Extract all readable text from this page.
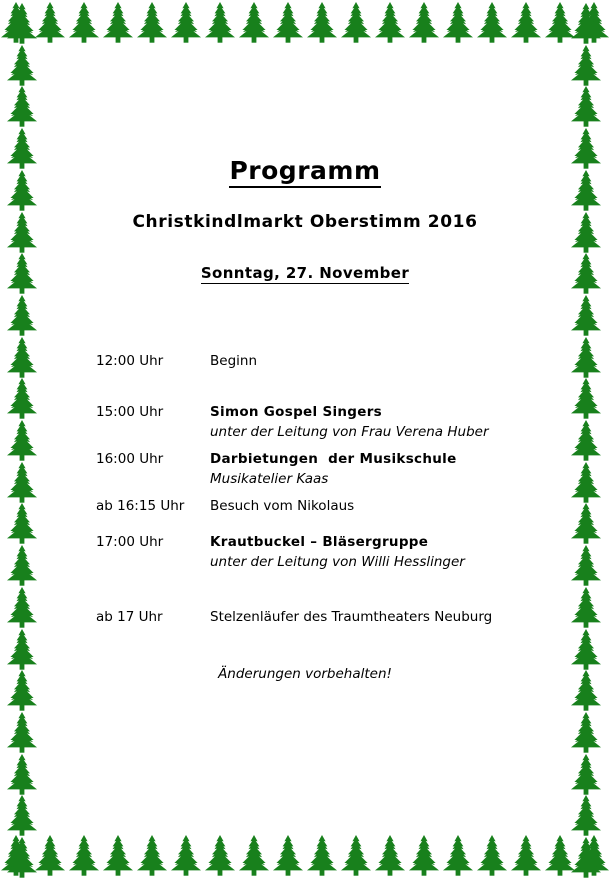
Programm
Christkindlmarkt Oberstimm 2016
Sonntag, 27. November
12:00 Uhr	Beginn
15:00 Uhr	Simon Gospel Singers
unter der Leitung von Frau Verena Huber
16:00 Uhr	Darbietungen  der Musikschule
Musikatelier Kaas
ab 16:15 Uhr	Besuch vom Nikolaus
17:00 Uhr	Krautbuckel – Bläsergruppe
unter der Leitung von Willi Hesslinger
ab 17 Uhr	Stelzenläufer des Traumtheaters Neuburg
Änderungen vorbehalten!
